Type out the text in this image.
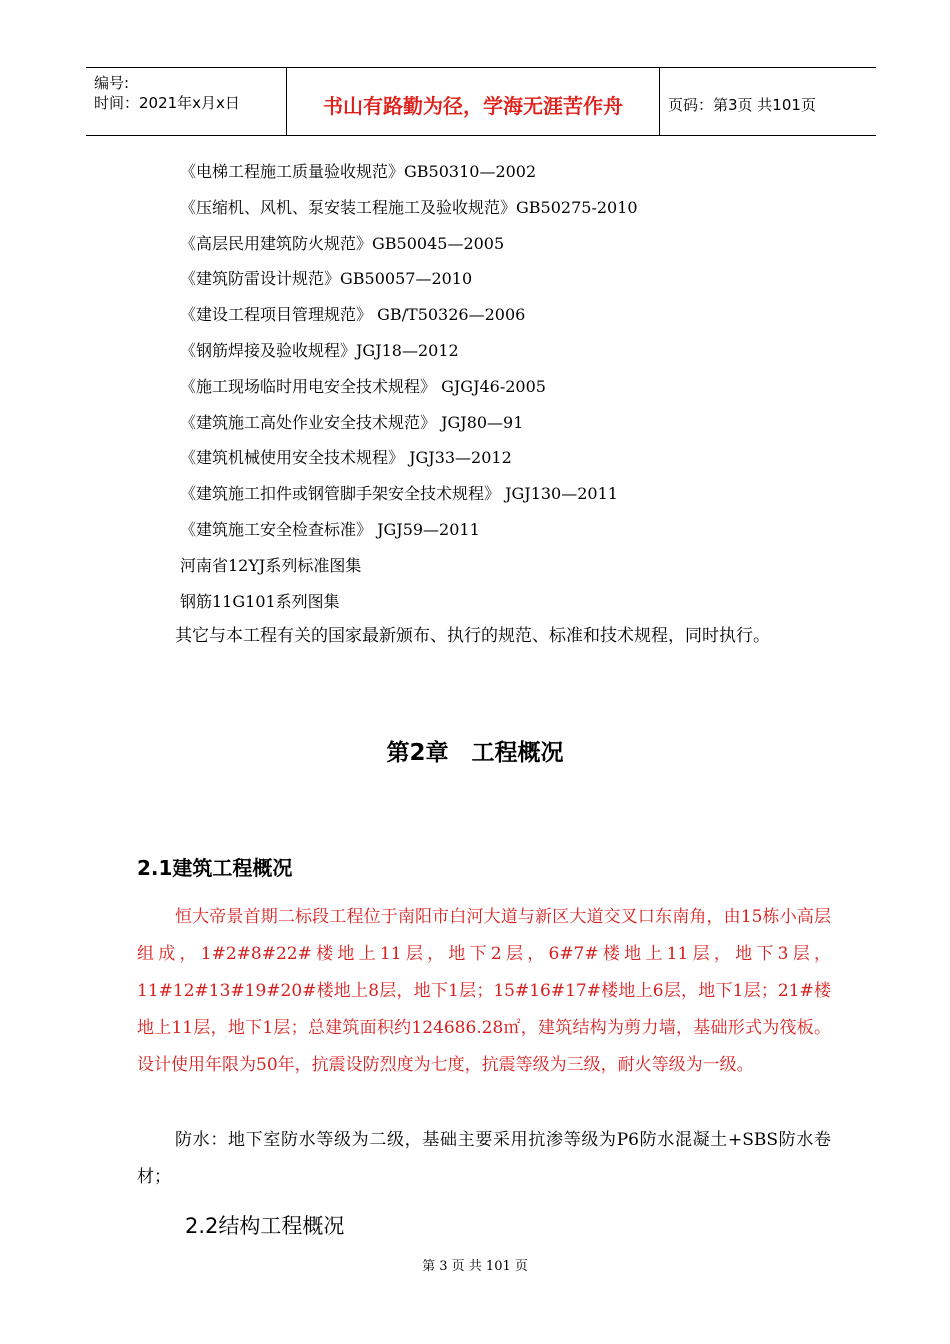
编号:
时间：2021年x月x日	书山有路勤为径，学海无涯苦作舟	页码：第3页 共101页
《电梯工程施工质量验收规范》GB50310—2002
《压缩机、风机、泵安装工程施工及验收规范》GB50275-2010
《高层民用建筑防火规范》GB50045—2005
《建筑防雷设计规范》GB50057—2010
《建设工程项目管理规范》 GB/T50326—2006
《钢筋焊接及验收规程》JGJ18—2012
《施工现场临时用电安全技术规程》 GJGJ46-2005
《建筑施工高处作业安全技术规范》 JGJ80—91
《建筑机械使用安全技术规程》 JGJ33—2012
《建筑施工扣件或钢管脚手架安全技术规程》 JGJ130—2011
《建筑施工安全检查标准》 JGJ59—2011
河南省12YJ系列标准图集
钢筋11G101系列图集
其它与本工程有关的国家最新颁布、执行的规范、标准和技术规程，同时执行。
第2章　工程概况
2.1建筑工程概况
恒大帝景首期二标段工程位于南阳市白河大道与新区大道交叉口东南角，由15栋小高层组成，1#2#8#22#楼地上11层，地下2层，6#7#楼地上11层，地下3层，11#12#13#19#20#楼地上8层，地下1层；15#16#17#楼地上6层，地下1层；21#楼地上11层，地下1层；总建筑面积约124686.28㎡，建筑结构为剪力墙，基础形式为筏板。设计使用年限为50年，抗震设防烈度为七度，抗震等级为三级，耐火等级为一级。
防水：地下室防水等级为二级，基础主要采用抗渗等级为P6防水混凝土+SBS防水卷材；
2.2结构工程概况
第 3 页 共 101 页
